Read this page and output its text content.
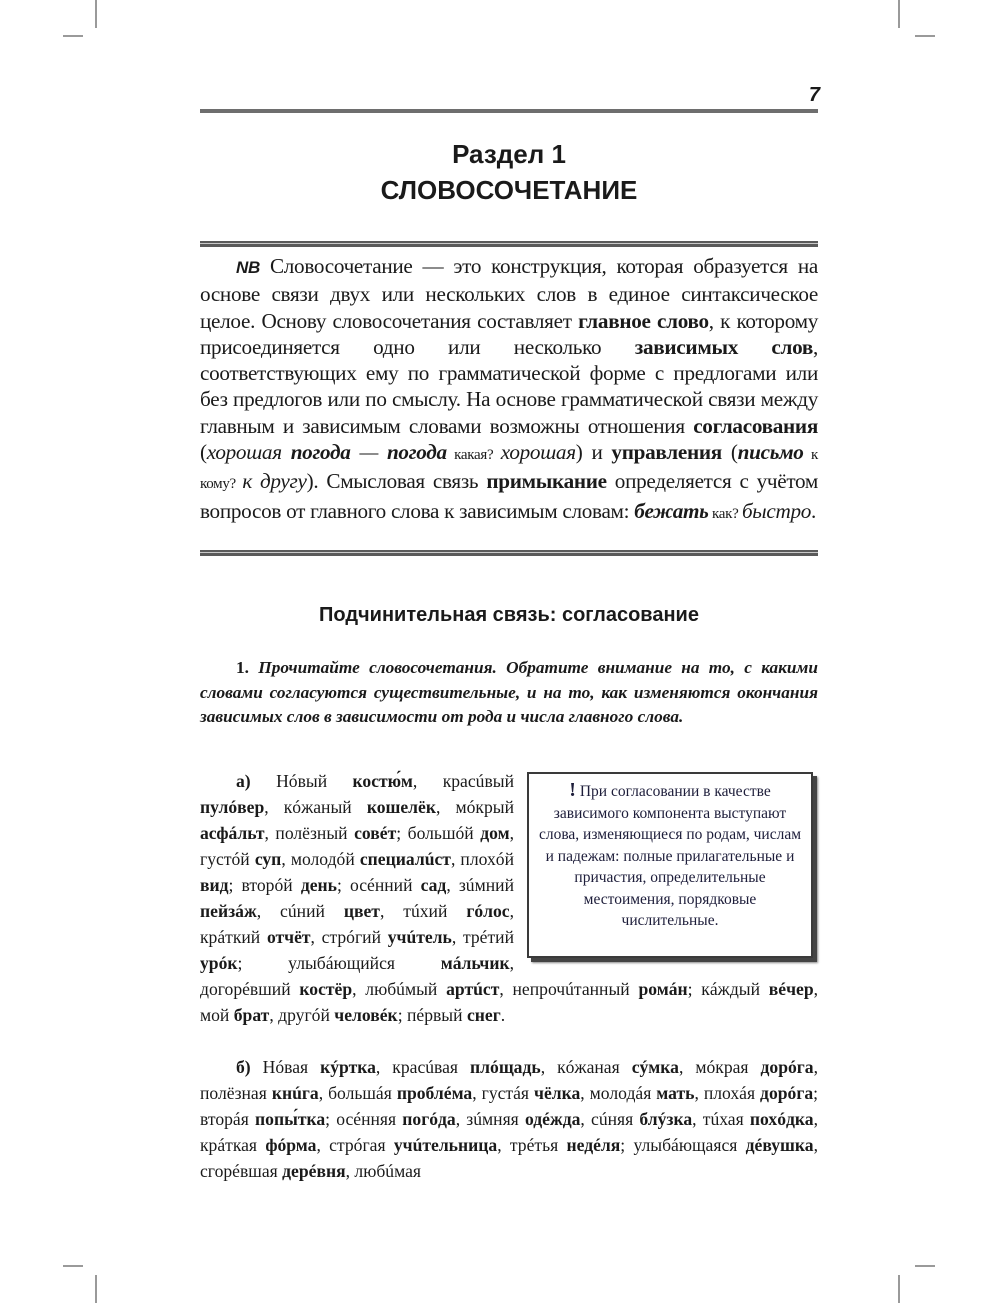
7
Раздел 1
СЛОВОСОЧЕТАНИЕ
NB Словосочетание — это конструкция, которая образуется на основе связи двух или нескольких слов в единое синтаксическое целое. Основу словосочетания составляет главное слово, к которому присоединяется одно или несколько зависимых слов, соответствующих ему по грамматической форме с предлогами или без предлогов или по смыслу. На основе грамматической связи между главным и зависимым словами возможны отношения согласования (хорошая погода — погода какая? хорошая) и управления (письмо к кому? к другу). Смысловая связь примыкание определяется с учётом вопросов от главного слова к зависимым словам: бежать как? быстро.
Подчинительная связь: согласование
1. Прочитайте словосочетания. Обратите внимание на то, с какими словами согласуются существительные, и на то, как изменяются окончания зависимых слов в зависимости от рода и числа главного слова.
а) Нóвый костю́м, красúвый пулóвер, кóжаный кошелёк, мóкрый асфáльт, полёзный совéт; большóй дом, густóй суп, молодóй специалúст, плохóй вид; вторóй день; осéнний сад, зúмний пейзáж, сúний цвет, тúхий гóлос, крáткий отчёт, стрóгий учúтель, трéтий урóк; улыбáющийся мáльчик, догорéвший костёр, любúмый артúст, непрочúтанный ромáн; кáждый вéчер, мой брат, другóй человéк; пéрвый снег.
! При согласовании в качестве зависимого компонента выступают слова, изменяющиеся по родам, числам и падежам: полные прилагательные и причастия, определительные местоимения, порядковые числительные.
б) Нóвая кýртка, красúвая плóщадь, кóжаная сýмка, мóкрая дорóга, полёзная кнúга, большáя проблéма, густáя чёлка, молодáя мать, плохáя дорóга; вторáя попы́тка; осéнняя погóда, зúмняя одéжда, сúняя блýзка, тúхая похóдка, крáткая фóрма, стрóгая учúтельница, трéтья недéля; улыбáющаяся дéвушка, сгорéвшая дерéвня, любúмая
